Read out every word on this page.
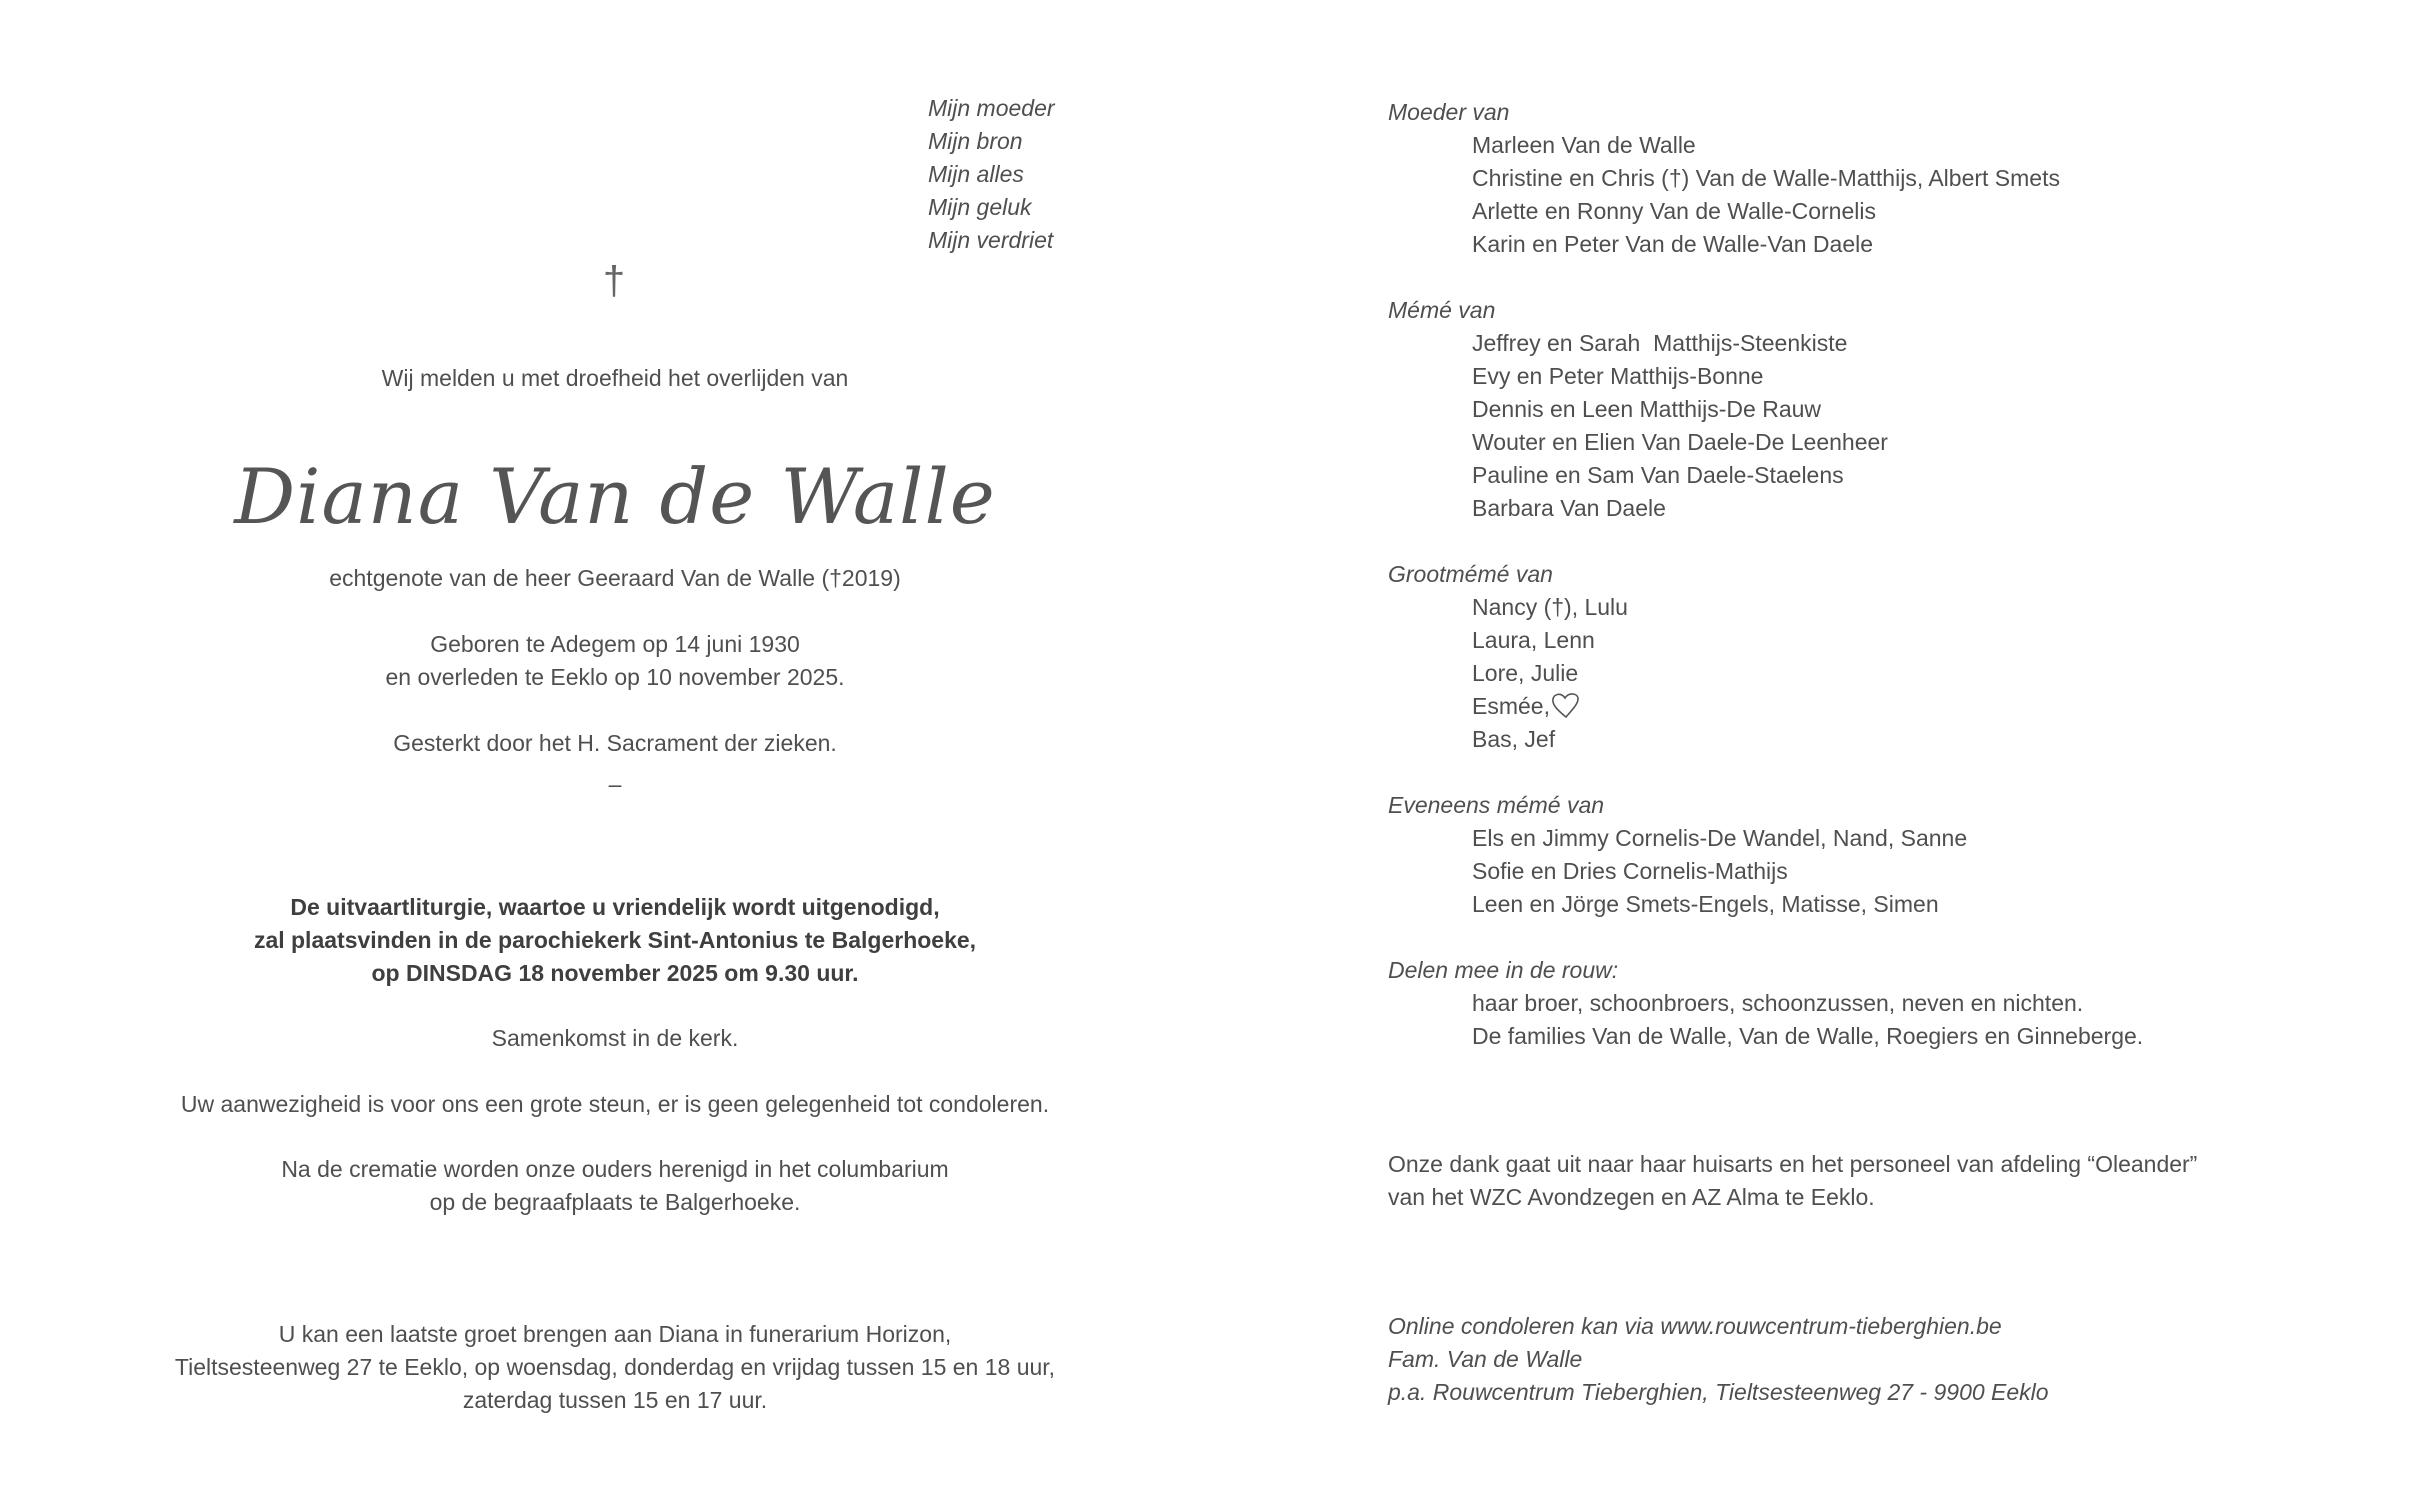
Mijn moeder
Mijn bron
Mijn alles
Mijn geluk
Mijn verdriet
†
Wij melden u met droefheid het overlijden van
Diana Van de Walle
echtgenote van de heer Geeraard Van de Walle (†2019)
Geboren te Adegem op 14 juni 1930
en overleden te Eeklo op 10 november 2025.
Gesterkt door het H. Sacrament der zieken.
–
De uitvaartliturgie, waartoe u vriendelijk wordt uitgenodigd,
zal plaatsvinden in de parochiekerk Sint-Antonius te Balgerhoeke,
op DINSDAG 18 november 2025 om 9.30 uur.
Samenkomst in de kerk.
Uw aanwezigheid is voor ons een grote steun, er is geen gelegenheid tot condoleren.
Na de crematie worden onze ouders herenigd in het columbarium
op de begraafplaats te Balgerhoeke.
U kan een laatste groet brengen aan Diana in funerarium Horizon,
Tieltsesteenweg 27 te Eeklo, op woensdag, donderdag en vrijdag tussen 15 en 18 uur,
zaterdag tussen 15 en 17 uur.
Moeder van
Marleen Van de Walle
Christine en Chris (†) Van de Walle-Matthijs, Albert Smets
Arlette en Ronny Van de Walle-Cornelis
Karin en Peter Van de Walle-Van Daele

Mémé van
Jeffrey en Sarah  Matthijs-Steenkiste
Evy en Peter Matthijs-Bonne
Dennis en Leen Matthijs-De Rauw
Wouter en Elien Van Daele-De Leenheer
Pauline en Sam Van Daele-Staelens
Barbara Van Daele

Grootmémé van
Nancy (†), Lulu
Laura, Lenn
Lore, Julie
Esmée,
Bas, Jef

Eveneens mémé van
Els en Jimmy Cornelis-De Wandel, Nand, Sanne
Sofie en Dries Cornelis-Mathijs
Leen en Jörge Smets-Engels, Matisse, Simen

Delen mee in de rouw:
haar broer, schoonbroers, schoonzussen, neven en nichten.
De families Van de Walle, Van de Walle, Roegiers en Ginneberge.
Onze dank gaat uit naar haar huisarts en het personeel van afdeling “Oleander”
van het WZC Avondzegen en AZ Alma te Eeklo.
Online condoleren kan via www.rouwcentrum-tieberghien.be
Fam. Van de Walle
p.a. Rouwcentrum Tieberghien, Tieltsesteenweg 27 - 9900 Eeklo
